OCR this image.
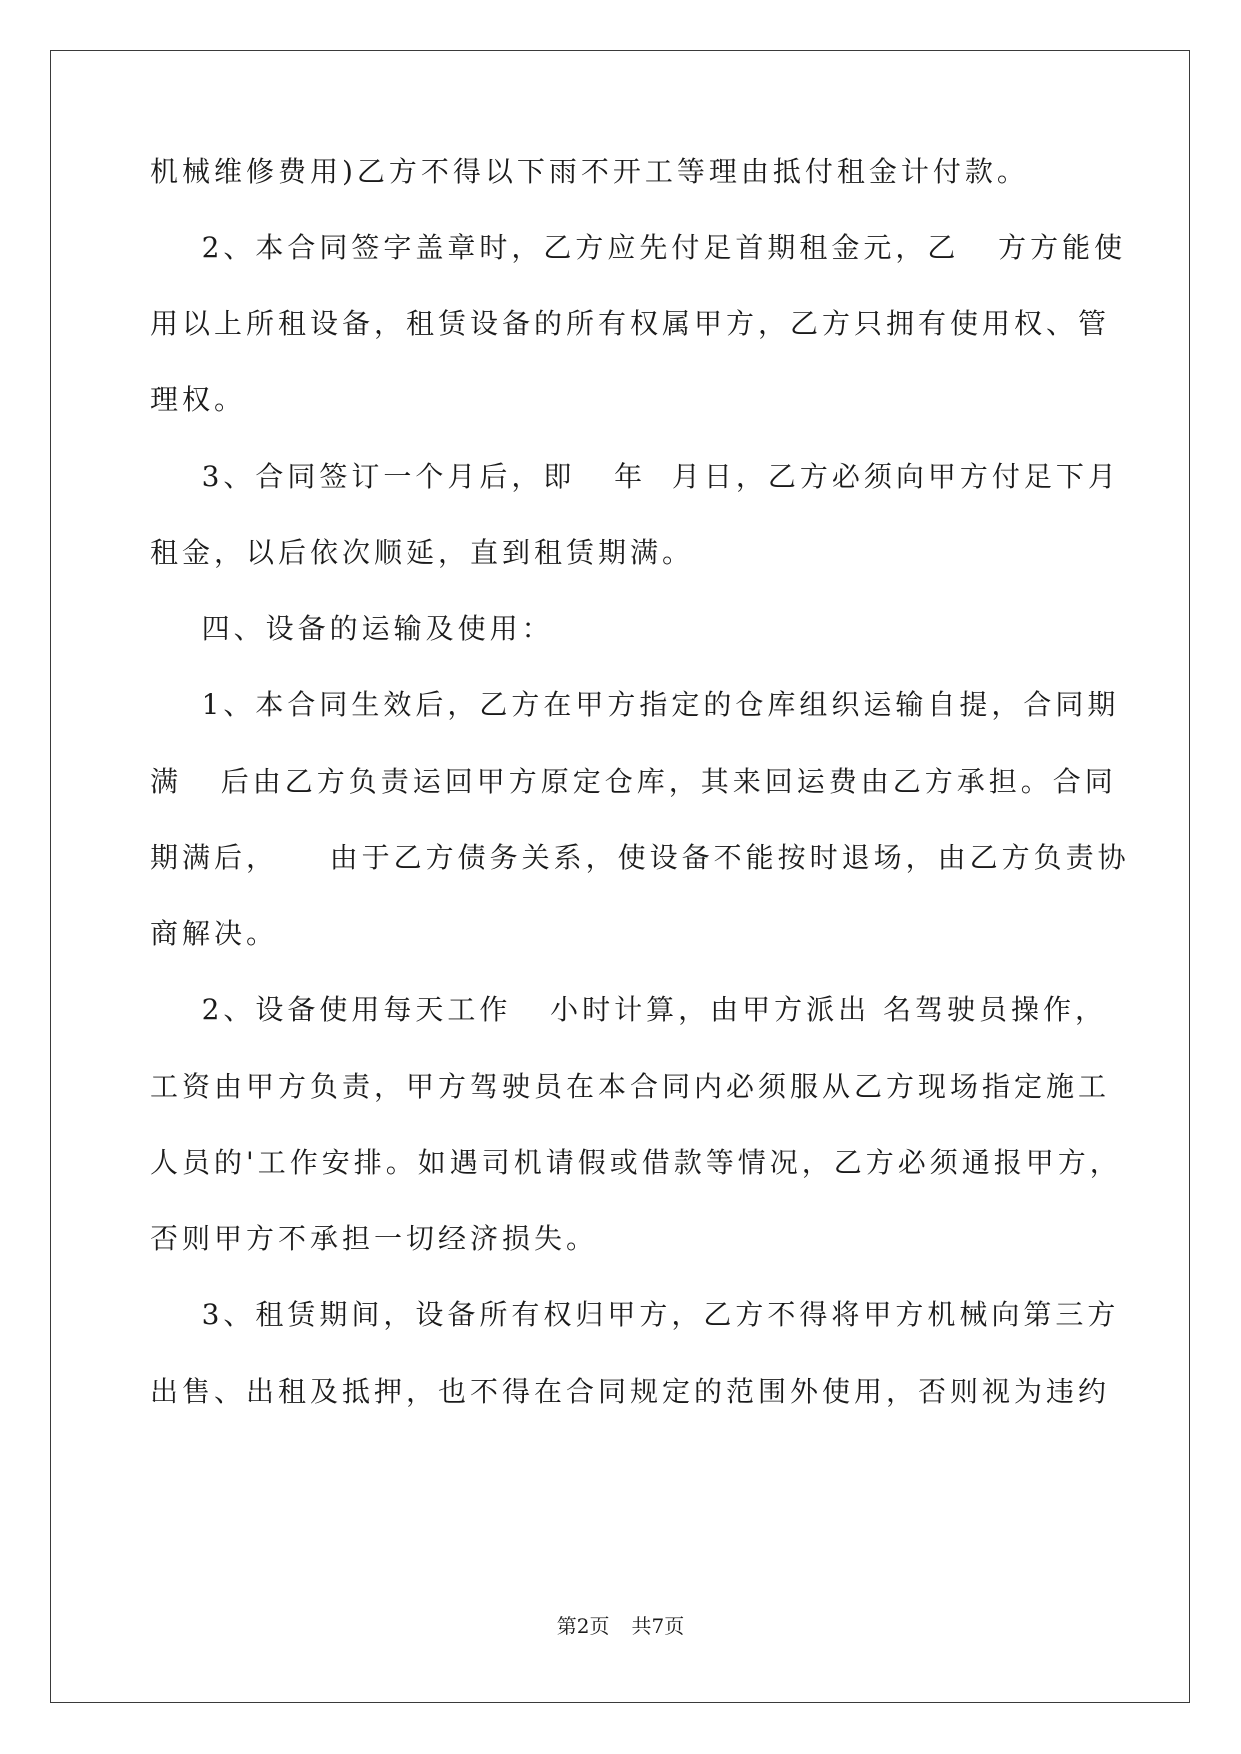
机械维修费用)乙方不得以下雨不开工等理由抵付租金计付款。
2、本合同签字盖章时，乙方应先付足首期租金元，乙   方方能使
用以上所租设备，租赁设备的所有权属甲方，乙方只拥有使用权、管
理权。
3、合同签订一个月后，即   年  月日，乙方必须向甲方付足下月
租金，以后依次顺延，直到租赁期满。
四、设备的运输及使用：
1、本合同生效后，乙方在甲方指定的仓库组织运输自提，合同期
满   后由乙方负责运回甲方原定仓库，其来回运费由乙方承担。合同
期满后，    由于乙方债务关系，使设备不能按时退场，由乙方负责协
商解决。
2、设备使用每天工作   小时计算，由甲方派出 名驾驶员操作，
工资由甲方负责，甲方驾驶员在本合同内必须服从乙方现场指定施工
人员的'工作安排。如遇司机请假或借款等情况，乙方必须通报甲方，
否则甲方不承担一切经济损失。
3、租赁期间，设备所有权归甲方，乙方不得将甲方机械向第三方
出售、出租及抵押，也不得在合同规定的范围外使用，否则视为违约
第2页 共7页
